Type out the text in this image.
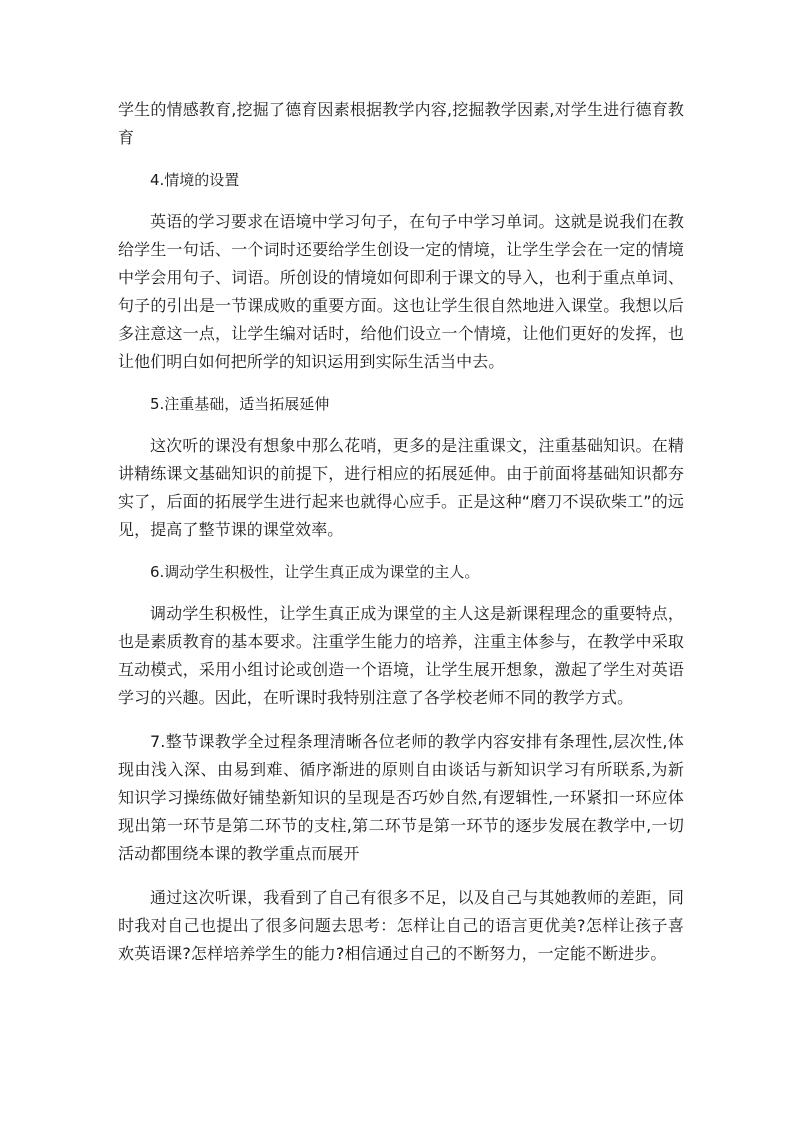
学生的情感教育,挖掘了德育因素根据教学内容,挖掘教学因素,对学生进行德育教育

4.情境的设置

英语的学习要求在语境中学习句子，在句子中学习单词。这就是说我们在教给学生一句话、一个词时还要给学生创设一定的情境，让学生学会在一定的情境中学会用句子、词语。所创设的情境如何即利于课文的导入，也利于重点单词、句子的引出是一节课成败的重要方面。这也让学生很自然地进入课堂。我想以后多注意这一点，让学生编对话时，给他们设立一个情境，让他们更好的发挥，也让他们明白如何把所学的知识运用到实际生活当中去。

5.注重基础，适当拓展延伸

这次听的课没有想象中那么花哨，更多的是注重课文，注重基础知识。在精讲精练课文基础知识的前提下，进行相应的拓展延伸。由于前面将基础知识都夯实了，后面的拓展学生进行起来也就得心应手。正是这种“磨刀不误砍柴工”的远见，提高了整节课的课堂效率。

6.调动学生积极性，让学生真正成为课堂的主人。

调动学生积极性，让学生真正成为课堂的主人这是新课程理念的重要特点，也是素质教育的基本要求。注重学生能力的培养，注重主体参与，在教学中采取互动模式，采用小组讨论或创造一个语境，让学生展开想象，激起了学生对英语学习的兴趣。因此，在听课时我特别注意了各学校老师不同的教学方式。

7.整节课教学全过程条理清晰各位老师的教学内容安排有条理性,层次性,体现由浅入深、由易到难、循序渐进的原则自由谈话与新知识学习有所联系,为新知识学习操练做好铺垫新知识的呈现是否巧妙自然,有逻辑性,一环紧扣一环应体现出第一环节是第二环节的支柱,第二环节是第一环节的逐步发展在教学中,一切活动都围绕本课的教学重点而展开

通过这次听课，我看到了自己有很多不足，以及自己与其她教师的差距，同时我对自己也提出了很多问题去思考：怎样让自己的语言更优美?怎样让孩子喜欢英语课?怎样培养学生的能力?相信通过自己的不断努力，一定能不断进步。
